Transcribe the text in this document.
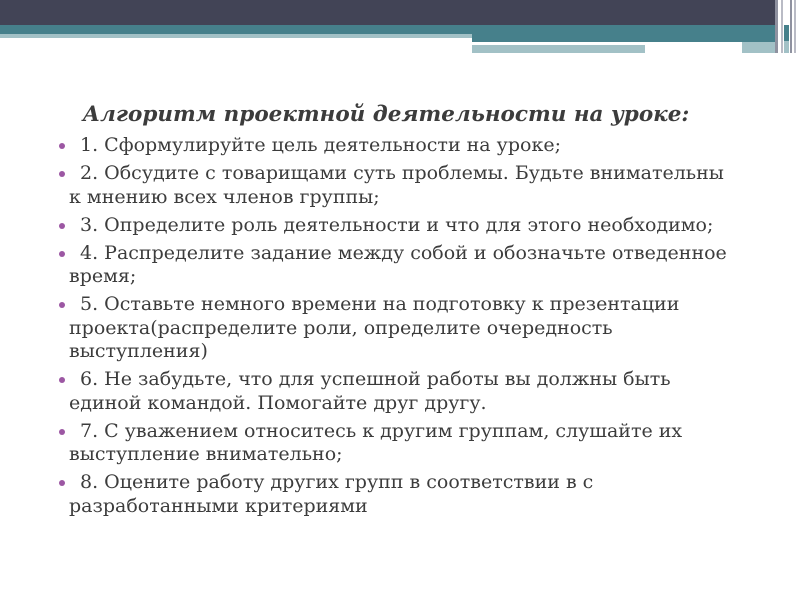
Алгоритм проектной деятельности на уроке:
1. Сформулируйте цель деятельности на уроке;
2. Обсудите с товарищами суть проблемы. Будьте внимательны к мнению всех членов группы;
3. Определите роль деятельности и что для этого необходимо;
4. Распределите задание между собой и обозначьте отведенное время;
5. Оставьте немного времени на подготовку к презентации проекта(распределите роли, определите очередность выступления)
6. Не забудьте, что для успешной работы вы должны быть единой командой. Помогайте друг другу.
7. С уважением относитесь к другим группам, слушайте их выступление внимательно;
8. Оцените работу других групп в соответствии в с разработанными критериями
